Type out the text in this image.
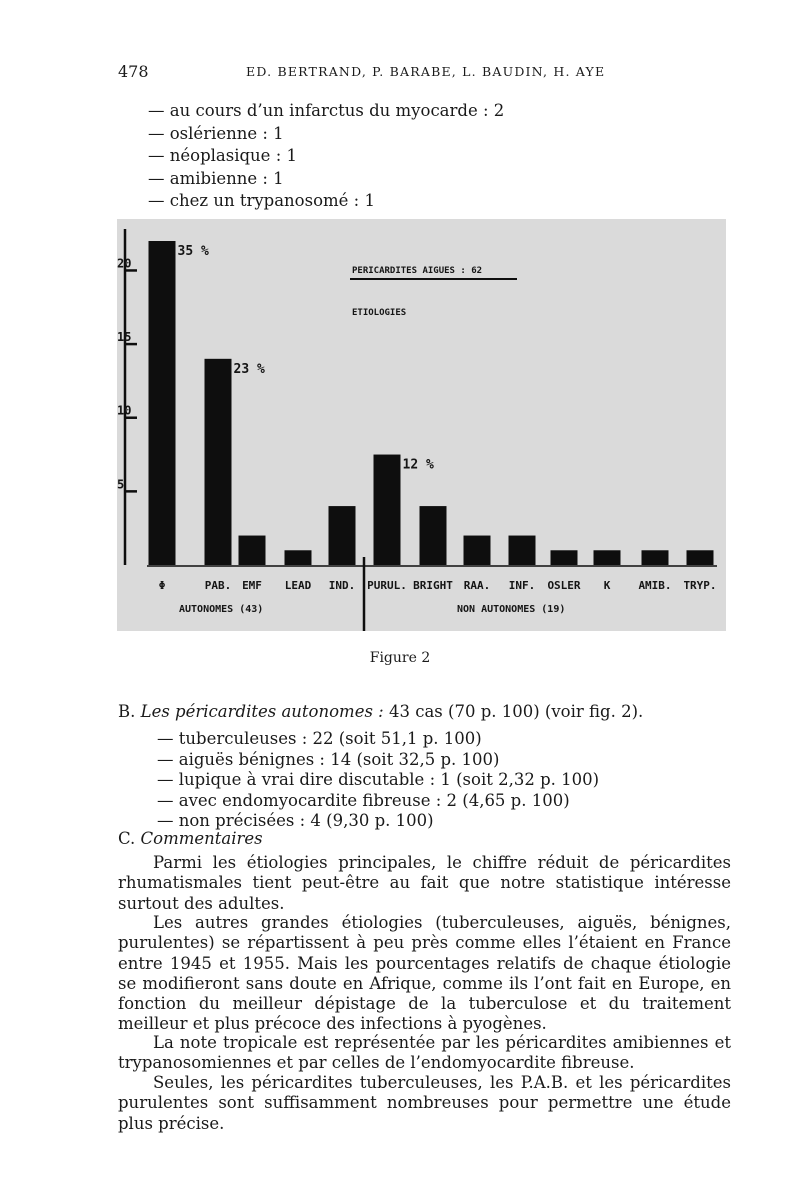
478	ED. BERTRAND, P. BARABE, L. BAUDIN, H. AYE
— au cours d’un infarctus du myocarde : 2
— oslérienne : 1
— néoplasique : 1
— amibienne : 1
— chez un trypanosomé : 1
20
15
10
5
35 %
23 %
12 %
Φ	PAB. EMF LEAD IND. PURUL. BRIGHT RAA. INF. OSLER K	AMIB. TRYP.
AUTONOMES (43)	NON AUTONOMES (19)
PERICARDITES AIGUES : 62
ETIOLOGIES
Figure 2
B. Les péricardites autonomes : 43 cas (70 p. 100) (voir fig. 2).
— tuberculeuses : 22 (soit 51,1 p. 100)
— aiguës bénignes : 14 (soit 32,5 p. 100)
— lupique à vrai dire discutable : 1 (soit 2,32 p. 100)
— avec endomyocardite fibreuse : 2 (4,65 p. 100)
— non précisées : 4 (9,30 p. 100)
C. Commentaires
Parmi les étiologies principales, le chiffre réduit de péricardites rhumatismales tient peut-être au fait que notre statistique intéresse surtout des adultes.
Les autres grandes étiologies (tuberculeuses, aiguës, bénignes, purulentes) se répartissent à peu près comme elles l’étaient en France entre 1945 et 1955. Mais les pourcentages relatifs de chaque étiologie se modifieront sans doute en Afrique, comme ils l’ont fait en Europe, en fonction du meilleur dépistage de la tuberculose et du traitement meilleur et plus précoce des infections à pyogènes.
La note tropicale est représentée par les péricardites amibiennes et trypanosomiennes et par celles de l’endomyocardite fibreuse.
Seules, les péricardites tuberculeuses, les P.A.B. et les péricardites purulentes sont suffisamment nombreuses pour permettre une étude plus précise.
